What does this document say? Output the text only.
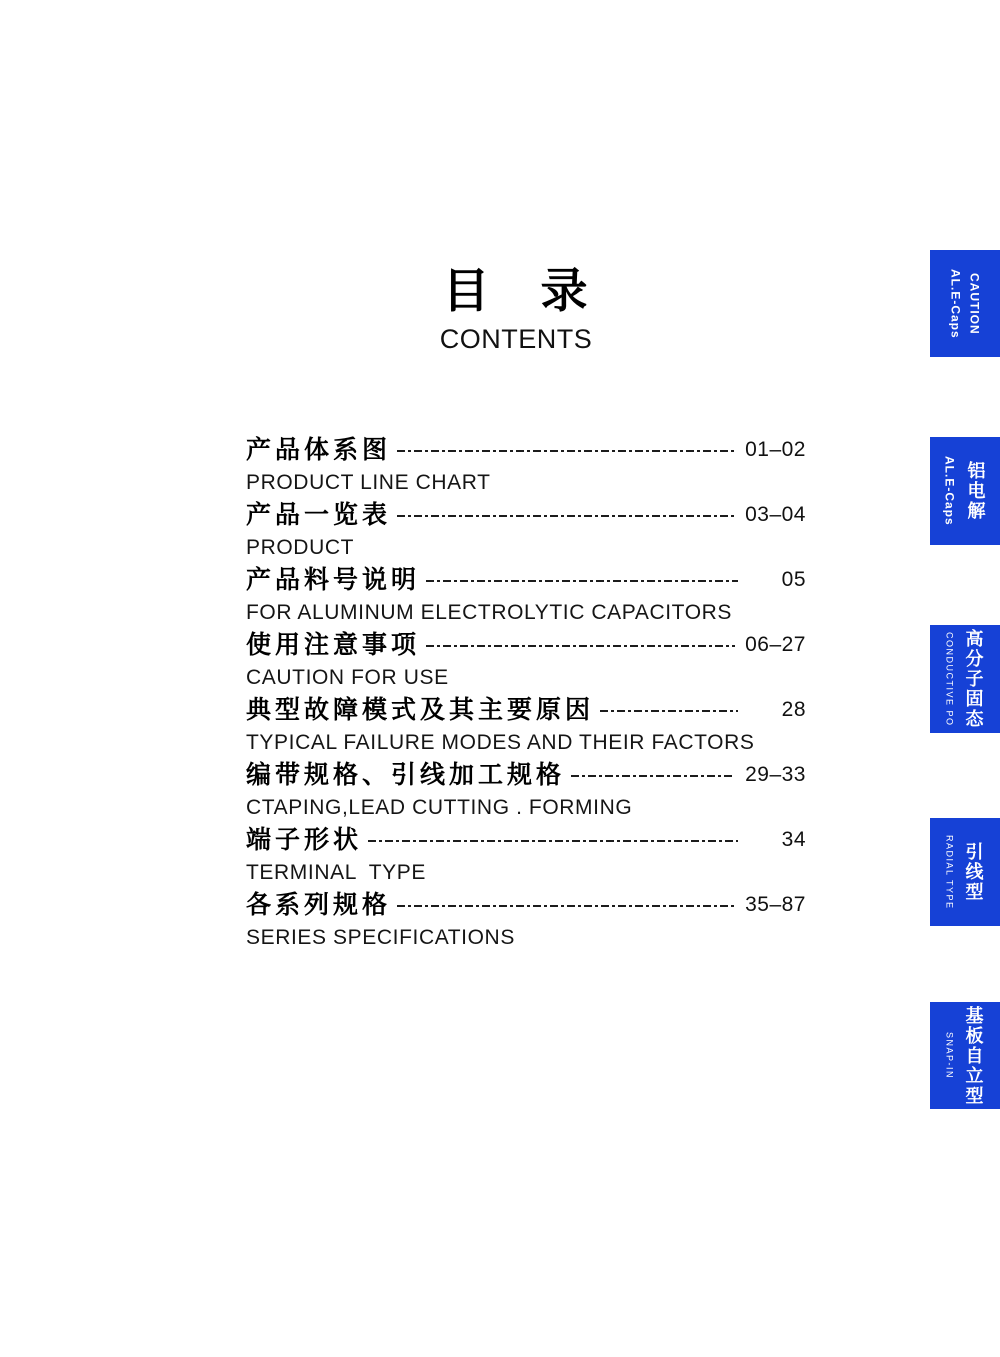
目　录
CONTENTS
产品体系图	01–02
PRODUCT LINE CHART
产品一览表	03–04
PRODUCT
产品料号说明	05
FOR ALUMINUM ELECTROLYTIC CAPACITORS
使用注意事项	06–27
CAUTION FOR USE
典型故障模式及其主要原因	28
TYPICAL FAILURE MODES AND THEIR FACTORS
编带规格、引线加工规格	29–33
CTAPING,LEAD CUTTING . FORMING
端子形状	34
TERMINAL  TYPE
各系列规格	35–87
SERIES SPECIFICATIONS
CAUTION
AL.E-Caps
铝电解
AL.E-Caps
高分子固态
CONDUCTIVE PO
引线型
RADIAL TYPE
基板自立型
SNAP-IN
